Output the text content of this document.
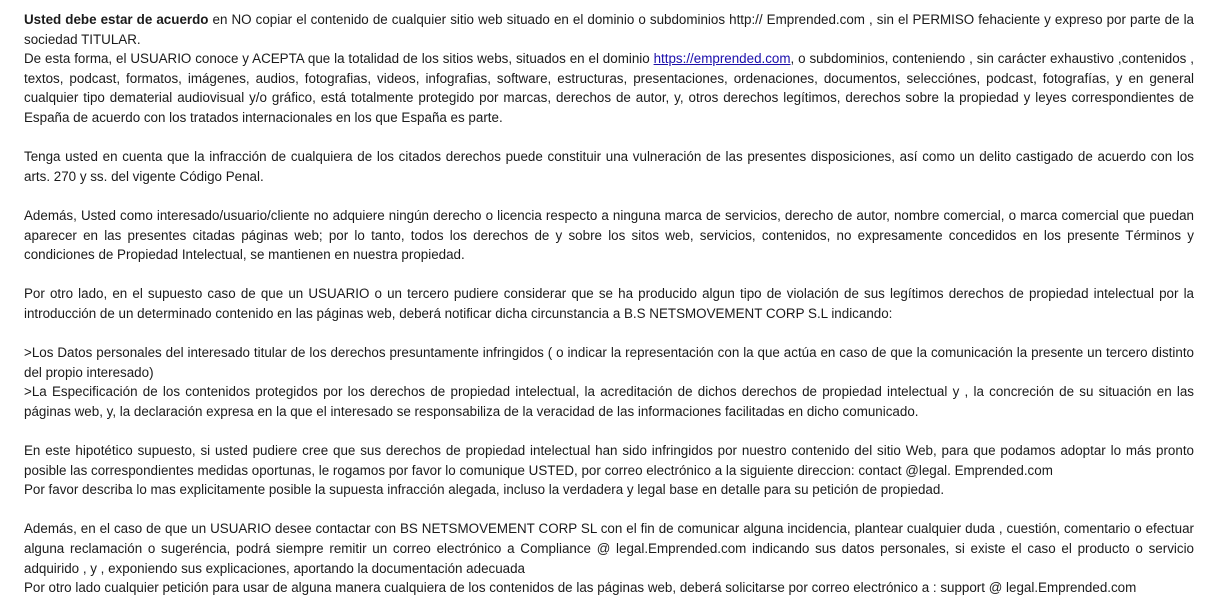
Usted debe estar de acuerdo en NO copiar el contenido de cualquier sitio web situado en el dominio o subdominios http:// Emprended.com , sin el PERMISO fehaciente y expreso por parte de la sociedad TITULAR.
De esta forma, el USUARIO conoce y ACEPTA que la totalidad de los sitios webs, situados en el dominio https://emprended.com, o subdominios, conteniendo , sin carácter exhaustivo ,contenidos , textos, podcast, formatos, imágenes, audios, fotografias, videos, infografias, software, estructuras, presentaciones, ordenaciones, documentos, selecciónes, podcast, fotografías, y en general cualquier tipo dematerial audiovisual y/o gráfico, está totalmente protegido por marcas, derechos de autor, y, otros derechos legítimos, derechos sobre la propiedad y leyes correspondientes de España de acuerdo con los tratados internacionales en los que España es parte.

Tenga usted en cuenta que la infracción de cualquiera de los citados derechos puede constituir una vulneración de las presentes disposiciones, así como un delito castigado de acuerdo con los arts. 270 y ss. del vigente Código Penal.

Además, Usted como interesado/usuario/cliente no adquiere ningún derecho o licencia respecto a ninguna marca de servicios, derecho de autor, nombre comercial, o marca comercial que puedan aparecer en las presentes citadas páginas web; por lo tanto, todos los derechos de y sobre los sitos web, servicios, contenidos, no expresamente concedidos en los presente Términos y condiciones de Propiedad Intelectual, se mantienen en nuestra propiedad.

Por otro lado, en el supuesto caso de que un USUARIO o un tercero pudiere considerar que se ha producido algun tipo de violación de sus legítimos derechos de propiedad intelectual por la introducción de un determinado contenido en las páginas web, deberá notificar dicha circunstancia a B.S NETSMOVEMENT CORP S.L indicando:

>Los Datos personales del interesado titular de los derechos presuntamente infringidos ( o indicar la representación con la que actúa en caso de que la comunicación la presente un tercero distinto del propio interesado)

>La Especificación de los contenidos protegidos por los derechos de propiedad intelectual, la acreditación de dichos derechos de propiedad intelectual y , la concreción de su situación en las páginas web, y, la declaración expresa en la que el interesado se responsabiliza de la veracidad de las informaciones facilitadas en dicho comunicado.

En este hipotético supuesto, si usted pudiere cree que sus derechos de propiedad intelectual han sido infringidos por nuestro contenido del sitio Web, para que podamos adoptar lo más pronto posible las correspondientes medidas oportunas, le rogamos por favor lo comunique USTED, por correo electrónico a la siguiente direccion: contact @legal. Emprended.com

Por favor describa lo mas explicitamente posible la supuesta infracción alegada, incluso la verdadera y legal base en detalle para su petición de propiedad.

Además, en el caso de que un USUARIO desee contactar con BS NETSMOVEMENT CORP SL con el fin de comunicar alguna incidencia, plantear cualquier duda , cuestión, comentario o efectuar alguna reclamación o sugeréncia, podrá siempre remitir un correo electrónico a Compliance @ legal.Emprended.com indicando sus datos personales, si existe el caso el producto o servicio adquirido , y , exponiendo sus explicaciones, aportando la documentación adecuada

Por otro lado cualquier petición para usar de alguna manera cualquiera de los contenidos de las páginas web, deberá solicitarse por correo electrónico a : support @ legal.Emprended.com
